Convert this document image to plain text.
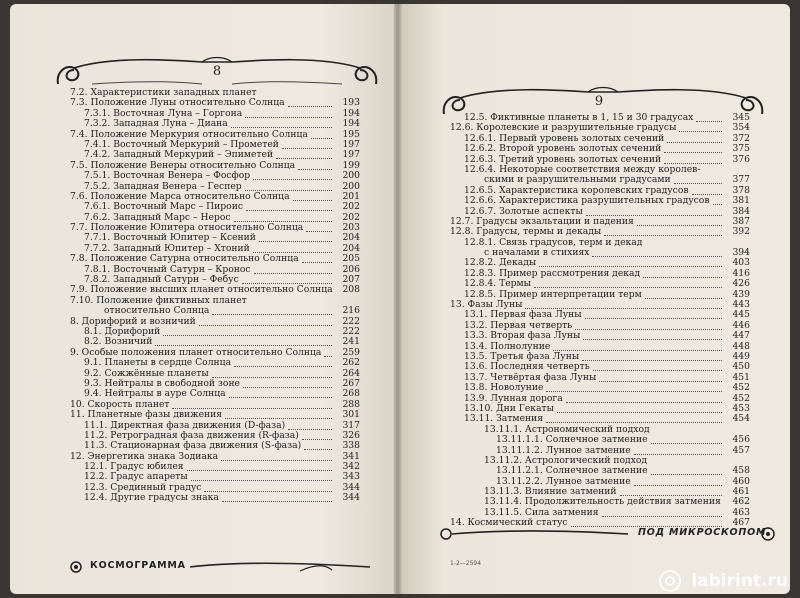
8
7.2. Характеристики западных планет
7.3. Положение Луны относительно Солнца	193
7.3.1. Восточная Луна – Горгона	194
7.3.2. Западная Луна – Диана	194
7.4. Положение Меркурия относительно Солнца	195
7.4.1. Восточный Меркурий – Прометей	197
7.4.2. Западный Меркурий – Эпиметей	197
7.5. Положение Венеры относительно Солнца	199
7.5.1. Восточная Венера – Фосфор	200
7.5.2. Западная Венера – Геспер	200
7.6. Положение Марса относительно Солнца	201
7.6.1. Восточный Марс – Пироис	202
7.6.2. Западный Марс – Нерос	202
7.7. Положение Юпитера относительно Солнца	203
7.7.1. Восточный Юпитер – Ксений	204
7.7.2. Западный Юпитер – Хтоний	204
7.8. Положение Сатурна относительно Солнца	205
7.8.1. Восточный Сатурн – Кронос	206
7.8.2. Западный Сатурн – Фебус	207
7.9. Положение высших планет относительно Солнца	208
7.10. Положение фиктивных планет
относительно Солнца	216
8. Дорифорий и возничий	222
8.1. Дорифорий	222
8.2. Возничий	241
9. Особые положения планет относительно Солнца	259
9.1. Планеты в сердце Солнца	262
9.2. Сожжённые планеты	264
9.3. Нейтралы в свободной зоне	267
9.4. Нейтралы в ауре Солнца	268
10. Скорость планет	288
11. Планетные фазы движения	301
11.1. Директная фаза движения (D-фаза)	317
11.2. Ретроградная фаза движения (R-фаза)	326
11.3. Стационарная фаза движения (S-фаза)	338
12. Энергетика знака Зодиака	341
12.1. Градус юбилея	342
12.2. Градус апареты	343
12.3. Срединный градус	344
12.4. Другие градусы знака	344
КОСМОГРАММА
9
12.5. Фиктивные планеты в 1, 15 и 30 градусах	345
12.6. Королевские и разрушительные градусы	354
12.6.1. Первый уровень золотых сечений	372
12.6.2. Второй уровень золотых сечений	375
12.6.3. Третий уровень золотых сечений	376
12.6.4. Некоторые соответствия между королев-
скими и разрушительными градусами	377
12.6.5. Характеристика королевских градусов	378
12.6.6. Характеристика разрушительных градусов	381
12.6.7. Золотые аспекты	384
12.7. Градусы экзальтации и падения	387
12.8. Градусы, термы и декады	392
12.8.1. Связь градусов, терм и декад
с началами в стихиях	394
12.8.2. Декады	403
12.8.3. Пример рассмотрения декад	416
12.8.4. Термы	426
12.8.5. Пример интерпретации терм	439
13. Фазы Луны	443
13.1. Первая фаза Луны	445
13.2. Первая четверть	446
13.3. Вторая фаза Луны	447
13.4. Полнолуние	448
13.5. Третья фаза Луны	449
13.6. Последняя четверть	450
13.7. Четвёртая фаза Луны	451
13.8. Новолуние	452
13.9. Лунная дорога	452
13.10. Дни Гекаты	453
13.11. Затмения	454
13.11.1. Астрономический подход
13.11.1.1. Солнечное затмение	456
13.11.1.2. Лунное затмение	457
13.11.2. Астрологический подход
13.11.2.1. Солнечное затмение	458
13.11.2.2. Лунное затмение	460
13.11.3. Влияние затмений	461
13.11.4. Продолжительность действия затмения	462
13.11.5. Сила затмения	463
14. Космический статус	467
1-2—2594
ПОД МИКРОСКОПОМ
labirint.ru
